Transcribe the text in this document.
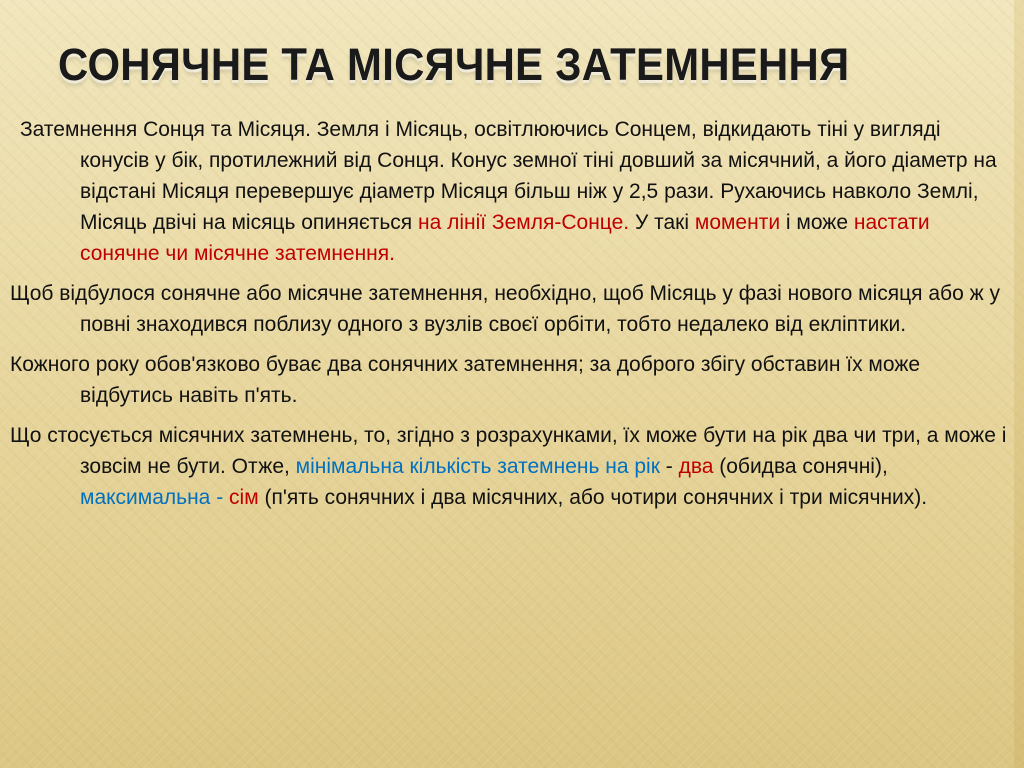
СОНЯЧНЕ ТА МІСЯЧНЕ ЗАТЕМНЕННЯ

Затемнення Сонця та Місяця. Земля і Місяць, освітлюючись Сонцем, відкидають тіні у вигляді конусів у бік, протилежний від Сонця. Конус земної тіні довший за місячний, а його діаметр на відстані Місяця перевершує діаметр Місяця більш ніж у 2,5 рази. Рухаючись навколо Землі, Місяць двічі на місяць опиняється на лінії Земля-Сонце. У такі моменти і може настати сонячне чи місячне затемнення.

Щоб відбулося сонячне або місячне затемнення, необхідно, щоб Місяць у фазі нового місяця або ж у повні знаходився поблизу одного з вузлів своєї орбіти, тобто недалеко від екліптики.

Кожного року обов'язково буває два сонячних затемнення; за доброго збігу обставин їх може відбутись навіть п'ять.

Що стосується місячних затемнень, то, згідно з розрахунками, їх може бути на рік два чи три, а може і зовсім не бути. Отже, мінімальна кількість затемнень на рік - два (обидва сонячні), максимальна - сім (п'ять сонячних і два місячних, або чотири сонячних і три місячних).
